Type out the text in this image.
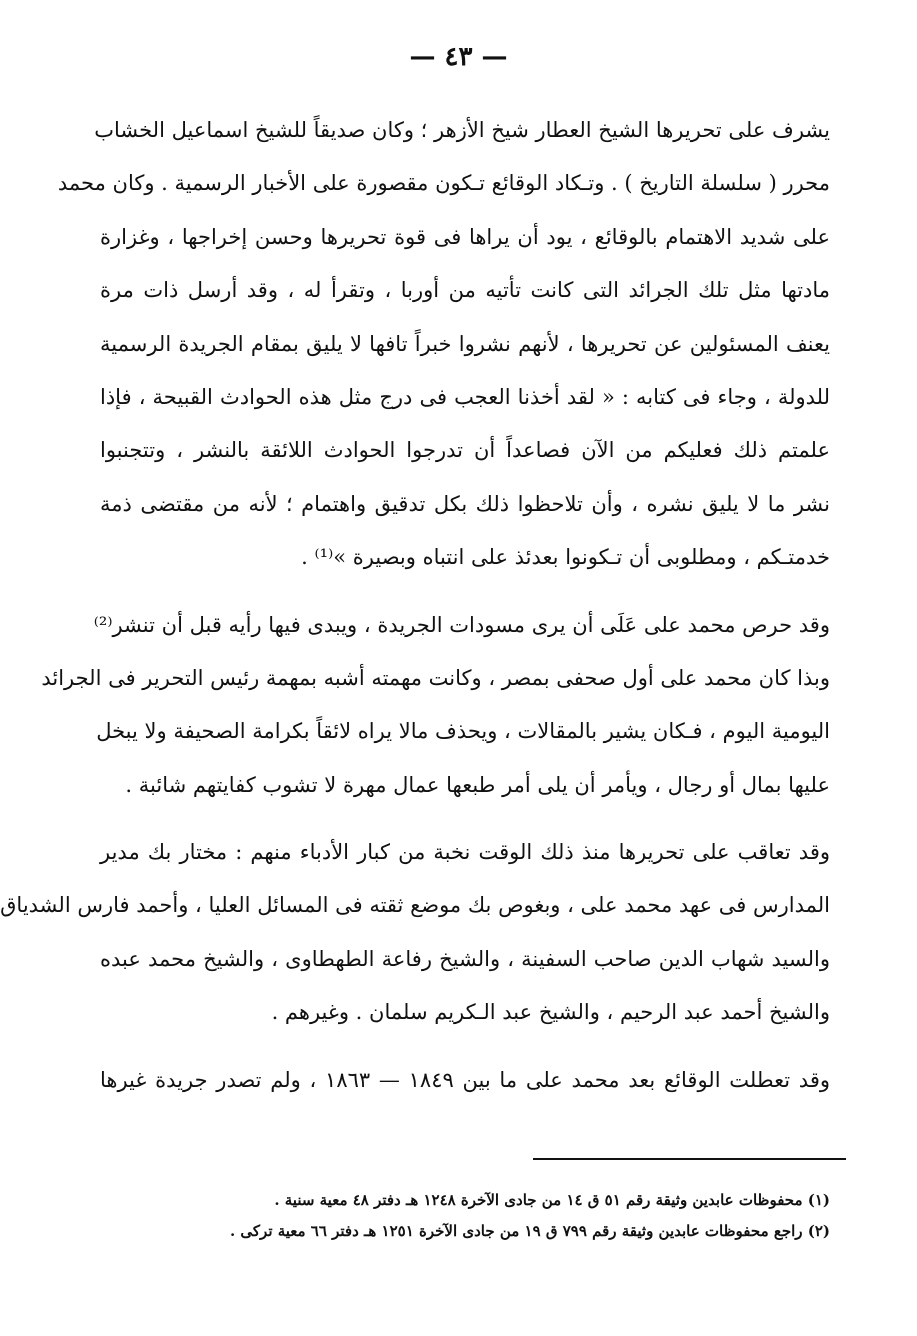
— ٤٣ —
يشرف على تحريرها الشيخ العطار شيخ الأزهر ؛ وكان صديقاً للشيخ اسماعيل الخشاب
محرر ( سلسلة التاريخ ) . وتـكاد الوقائع تـكون مقصورة على الأخبار الرسمية . وكان محمد
على شديد الاهتمام بالوقائع ، يود أن يراها فى قوة تحريرها وحسن إخراجها ، وغزارة
مادتها مثل تلك الجرائد التى كانت تأتيه من أوربا ، وتقرأ له ، وقد أرسل ذات مرة
يعنف المسئولين عن تحريرها ، لأنهم نشروا خبراً تافها لا يليق بمقام الجريدة الرسمية
للدولة ، وجاء فى كتابه : « لقد أخذنا العجب فى درج مثل هذه الحوادث القبيحة ، فإذا
علمتم ذلك فعليكم من الآن فصاعداً أن تدرجوا الحوادث اللائقة بالنشر ، وتتجنبوا
نشر ما لا يليق نشره ، وأن تلاحظوا ذلك بكل تدقيق واهتمام ؛ لأنه من مقتضى ذمة
خدمتـكم ، ومطلوبى أن تـكونوا بعدئذ على انتباه وبصيرة »⁽¹⁾ .
وقد حرص محمد على عَلَى أن يرى مسودات الجريدة ، ويبدى فيها رأيه قبل أن تنشر⁽²⁾
وبذا كان محمد على أول صحفى بمصر ، وكانت مهمته أشبه بمهمة رئيس التحرير فى الجرائد
اليومية اليوم ، فـكان يشير بالمقالات ، ويحذف مالا يراه لائقاً بكرامة الصحيفة ولا يبخل
عليها بمال أو رجال ، ويأمر أن يلى أمر طبعها عمال مهرة لا تشوب كفايتهم شائبة .
وقد تعاقب على تحريرها منذ ذلك الوقت نخبة من كبار الأدباء منهم : مختار بك مدير
المدارس فى عهد محمد على ، وبغوص بك موضع ثقته فى المسائل العليا ، وأحمد فارس الشدياق
والسيد شهاب الدين صاحب السفينة ، والشيخ رفاعة الطهطاوى ، والشيخ محمد عبده
والشيخ أحمد عبد الرحيم ، والشيخ عبد الـكريم سلمان . وغيرهم .
وقد تعطلت الوقائع بعد محمد على ما بين ١٨٤٩ — ١٨٦٣ ، ولم تصدر جريدة غيرها
(١) محفوظات عابدين وثيقة رقم ٥١ ق ١٤ من جادى الآخرة ١٢٤٨ هـ دفتر ٤٨ معية سنية .
(٢) راجع محفوظات عابدين وثيقة رقم ٧٩٩ ق ١٩ من جادى الآخرة ١٢٥١ هـ دفتر ٦٦ معية تركى .
